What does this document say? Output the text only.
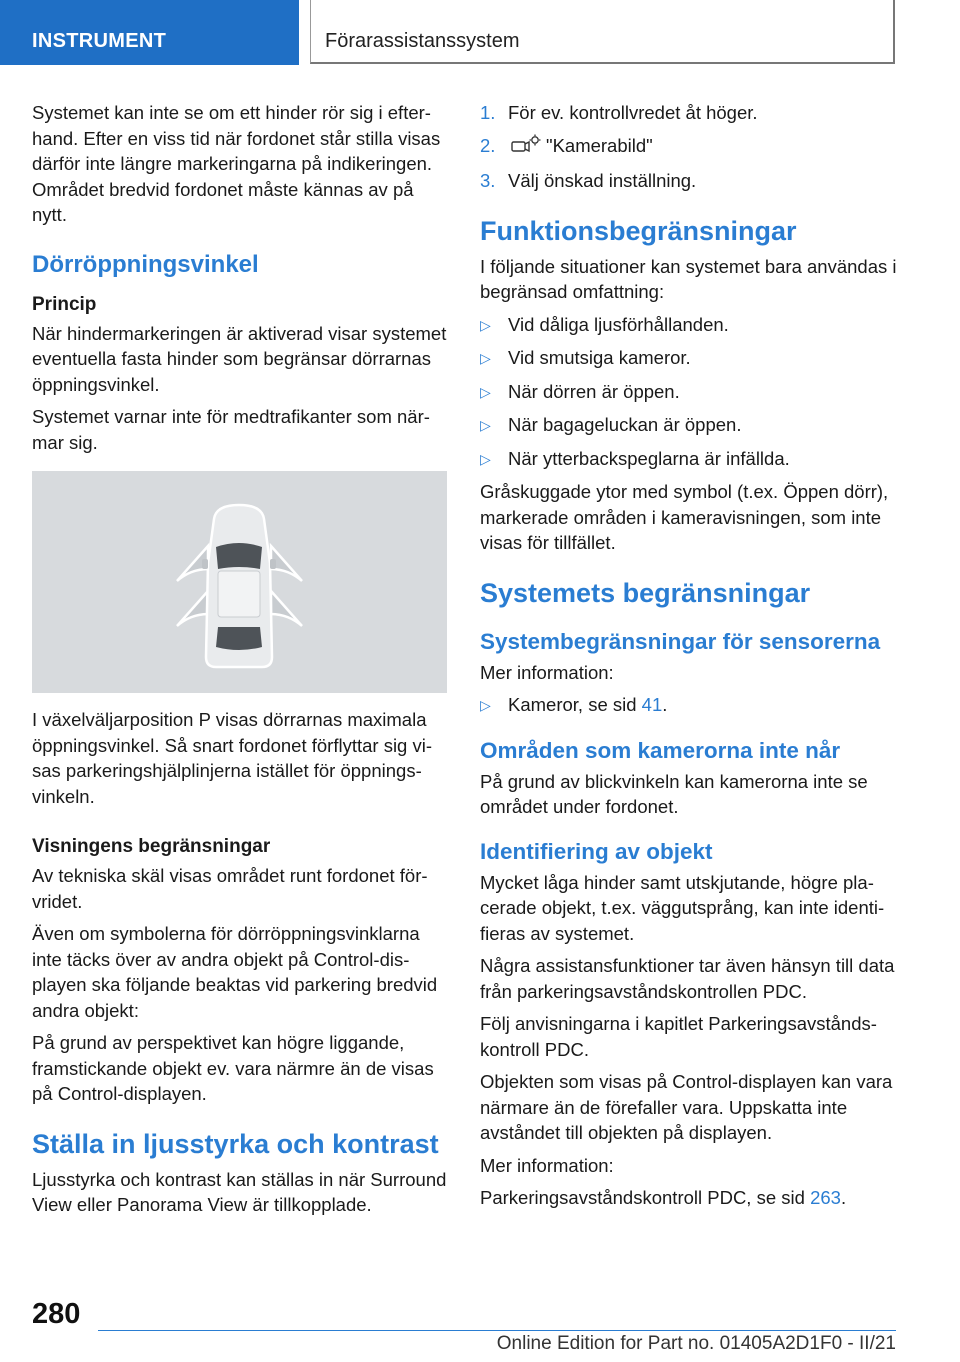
INSTRUMENT	Förarassistanssystem

Systemet kan inte se om ett hinder rör sig i efterhand. Efter en viss tid när fordonet står stilla visas därför inte längre markeringarna på indikeringen. Området bredvid fordonet måste kännas av på nytt.

Dörröppningsvinkel
Princip

När hindermarkeringen är aktiverad visar systemet eventuella fasta hinder som begränsar dörrarnas öppningsvinkel.

Systemet varnar inte för medtrafikanter som närmar sig.

I växelväljarposition P visas dörrarnas maximala öppningsvinkel. Så snart fordonet förflyttar sig visas parkeringshjälplinjerna istället för öppningsvinkeln.

Visningens begränsningar

Av tekniska skäl visas området runt fordonet förvridet.

Även om symbolerna för dörröppningsvinklarna inte täcks över av andra objekt på Control-displayen ska följande beaktas vid parkering bredvid andra objekt:

På grund av perspektivet kan högre liggande, framstickande objekt ev. vara närmre än de visas på Control-displayen.

Ställa in ljusstyrka och kontrast

Ljusstyrka och kontrast kan ställas in när Surround View eller Panorama View är tillkopplade.

1. För ev. kontrollvredet åt höger.
2.	"Kamerabild"
3. Välj önskad inställning.
Funktionsbegränsningar

I följande situationer kan systemet bara användas i begränsad omfattning:

▷ Vid dåliga ljusförhållanden.
▷ Vid smutsiga kameror.
▷ När dörren är öppen.
▷ När bagageluckan är öppen.
▷ När ytterbackspeglarna är infällda.

Gråskuggade ytor med symbol (t.ex. Öppen dörr), markerade områden i kameravisningen, som inte visas för tillfället.

Systemets begränsningar
Systembegränsningar för sensorerna

Mer information:

▷ Kameror, se sid 41.
Områden som kamerorna inte når

På grund av blickvinkeln kan kamerorna inte se området under fordonet.

Identifiering av objekt

Mycket låga hinder samt utskjutande, högre placerade objekt, t.ex. väggutsprång, kan inte identifieras av systemet.

Några assistansfunktioner tar även hänsyn till data från parkeringsavståndskontrollen PDC.

Följ anvisningarna i kapitlet Parkeringsavståndskontroll PDC.

Objekten som visas på Control-displayen kan vara närmare än de förefaller vara. Uppskatta inte avståndet till objekten på displayen.

Mer information:

Parkeringsavståndskontroll PDC, se sid 263.

280
Online Edition for Part no. 01405A2D1F0 - II/21
